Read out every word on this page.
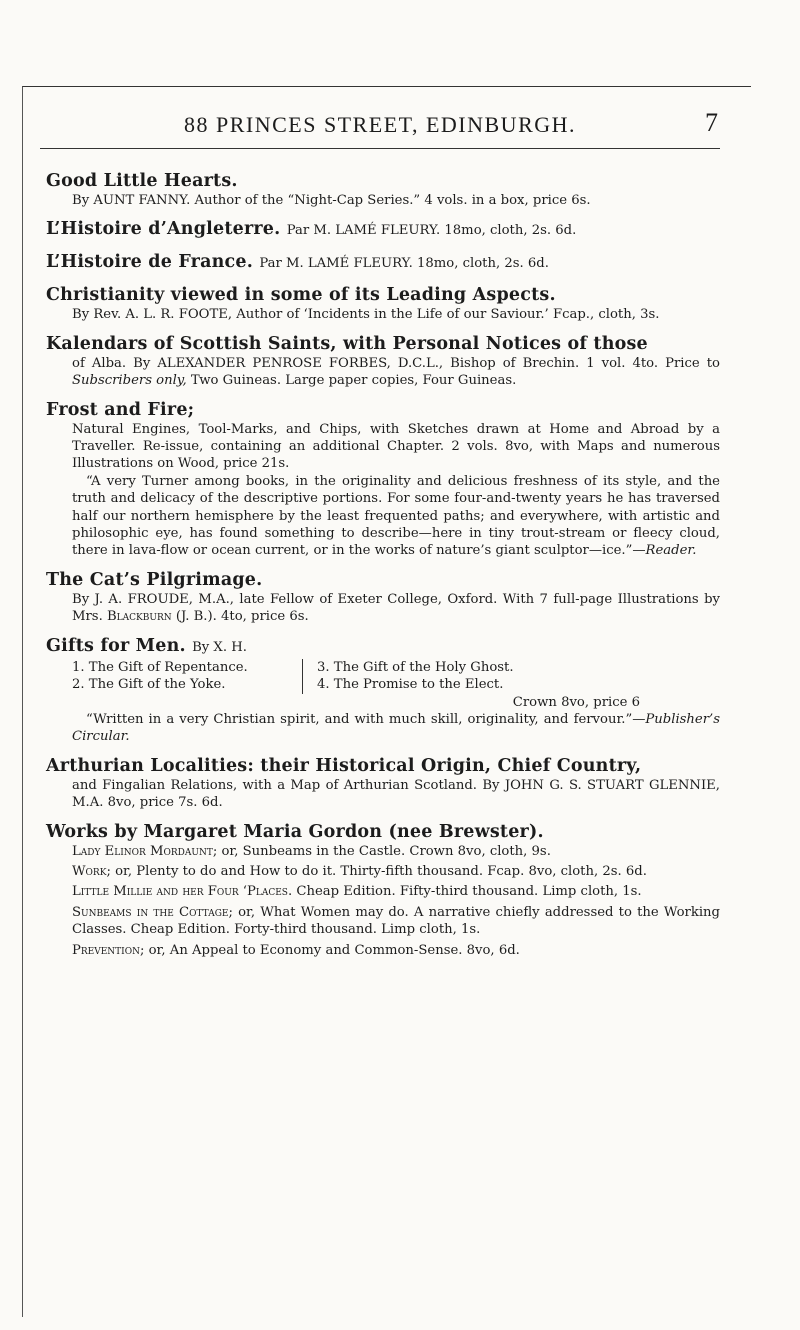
88 PRINCES STREET, EDINBURGH.	7
Good Little Hearts.
By AUNT FANNY. Author of the “Night-Cap Series.” 4 vols. in a box, price 6s.
L’Histoire d’Angleterre. Par M. LAMÉ FLEURY. 18mo, cloth, 2s. 6d.
L’Histoire de France. Par M. LAMÉ FLEURY. 18mo, cloth, 2s. 6d.
Christianity viewed in some of its Leading Aspects.
By Rev. A. L. R. FOOTE, Author of ‘Incidents in the Life of our Saviour.’ Fcap., cloth, 3s.
Kalendars of Scottish Saints, with Personal Notices of those
of Alba. By ALEXANDER PENROSE FORBES, D.C.L., Bishop of Brechin. 1 vol. 4to. Price to Subscribers only, Two Guineas. Large paper copies, Four Guineas.
Frost and Fire;

Natural Engines, Tool-Marks, and Chips, with Sketches drawn at Home and Abroad by a Traveller. Re-issue, containing an additional Chapter. 2 vols. 8vo, with Maps and numerous Illustrations on Wood, price 21s.

“A very Turner among books, in the originality and delicious freshness of its style, and the truth and delicacy of the descriptive portions. For some four-and-twenty years he has traversed half our northern hemisphere by the least frequented paths; and everywhere, with artistic and philosophic eye, has found something to describe—here in tiny trout-stream or fleecy cloud, there in lava-flow or ocean current, or in the works of nature’s giant sculptor—ice.”—Reader.

The Cat’s Pilgrimage.
By J. A. FROUDE, M.A., late Fellow of Exeter College, Oxford. With 7 full-page Illustrations by Mrs. Blackburn (J. B.). 4to, price 6s.
Gifts for Men. By X. H.
1. The Gift of Repentance.
2. The Gift of the Yoke.
3. The Gift of the Holy Ghost.
4. The Promise to the Elect.
Crown 8vo, price 6

“Written in a very Christian spirit, and with much skill, originality, and fervour.”—Publisher’s Circular.

Arthurian Localities: their Historical Origin, Chief Country,
and Fingalian Relations, with a Map of Arthurian Scotland. By JOHN G. S. STUART GLENNIE, M.A. 8vo, price 7s. 6d.
Works by Margaret Maria Gordon (nee Brewster).
Lady Elinor Mordaunt; or, Sunbeams in the Castle. Crown 8vo, cloth, 9s.
Work; or, Plenty to do and How to do it. Thirty-fifth thousand. Fcap. 8vo, cloth, 2s. 6d.
Little Millie and her Four ‘Places. Cheap Edition. Fifty-third thousand. Limp cloth, 1s.
Sunbeams in the Cottage; or, What Women may do. A narrative chiefly addressed to the Working Classes. Cheap Edition. Forty-third thousand. Limp cloth, 1s.
Prevention; or, An Appeal to Economy and Common-Sense. 8vo, 6d.
